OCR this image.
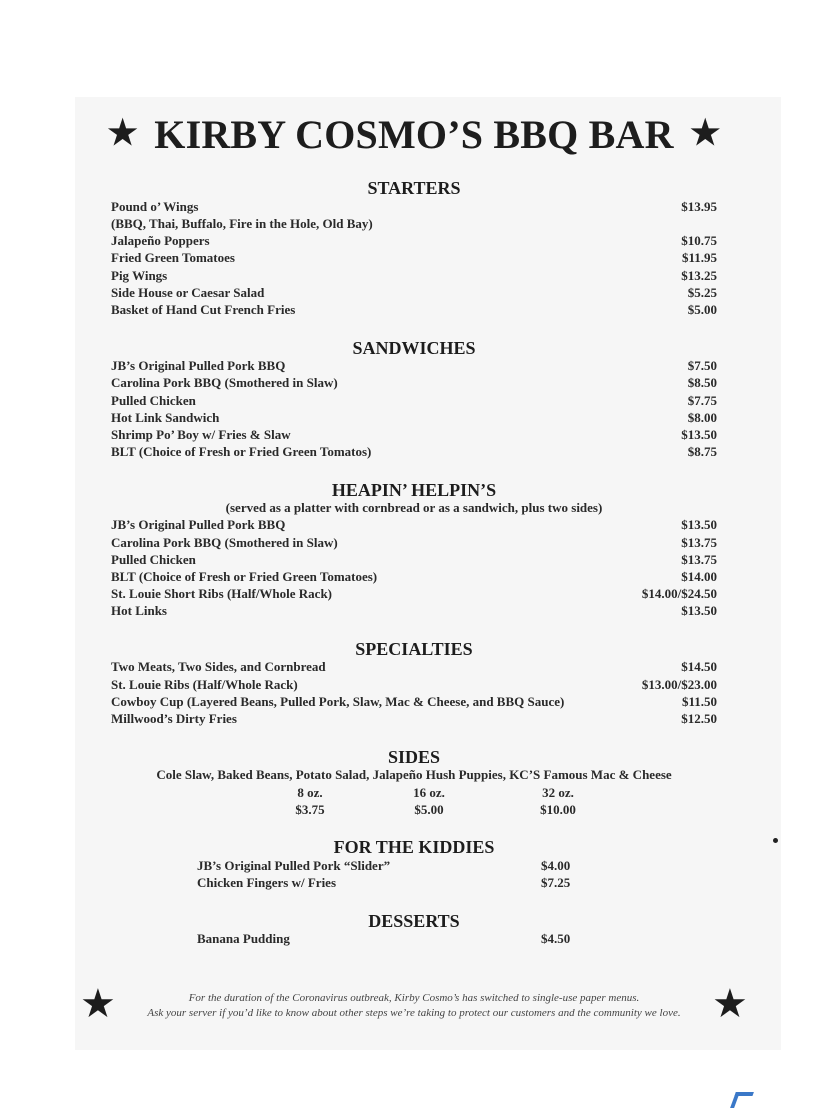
★ KIRBY COSMO’S BBQ BAR ★
STARTERS
Pound o’ Wings	$13.95
(BBQ, Thai, Buffalo, Fire in the Hole, Old Bay)
Jalapeño Poppers	$10.75
Fried Green Tomatoes	$11.95
Pig Wings	$13.25
Side House or Caesar Salad	$5.25
Basket of Hand Cut French Fries	$5.00
SANDWICHES
JB’s Original Pulled Pork BBQ	$7.50
Carolina Pork BBQ (Smothered in Slaw)	$8.50
Pulled Chicken	$7.75
Hot Link Sandwich	$8.00
Shrimp Po’ Boy w/ Fries & Slaw	$13.50
BLT (Choice of Fresh or Fried Green Tomatos)	$8.75
HEAPIN’ HELPIN’S
(served as a platter with cornbread or as a sandwich, plus two sides)
JB’s Original Pulled Pork BBQ	$13.50
Carolina Pork BBQ (Smothered in Slaw)	$13.75
Pulled Chicken	$13.75
BLT (Choice of Fresh or Fried Green Tomatoes)	$14.00
St. Louie Short Ribs (Half/Whole Rack)	$14.00/$24.50
Hot Links	$13.50
SPECIALTIES
Two Meats, Two Sides, and Cornbread	$14.50
St. Louie Ribs (Half/Whole Rack)	$13.00/$23.00
Cowboy Cup (Layered Beans, Pulled Pork, Slaw, Mac & Cheese, and BBQ Sauce)	$11.50
Millwood’s Dirty Fries	$12.50
SIDES
Cole Slaw, Baked Beans, Potato Salad, Jalapeño Hush Puppies, KC’S Famous Mac & Cheese
8 oz.	16 oz.	32 oz.
$3.75	$5.00	$10.00
FOR THE KIDDIES
JB’s Original Pulled Pork “Slider”	$4.00
Chicken Fingers w/ Fries	$7.25
DESSERTS
Banana Pudding	$4.50
★	★
For the duration of the Coronavirus outbreak, Kirby Cosmo’s has switched to single-use paper menus.
Ask your server if you’d like to know about other steps we’re taking to protect our customers and the community we love.
